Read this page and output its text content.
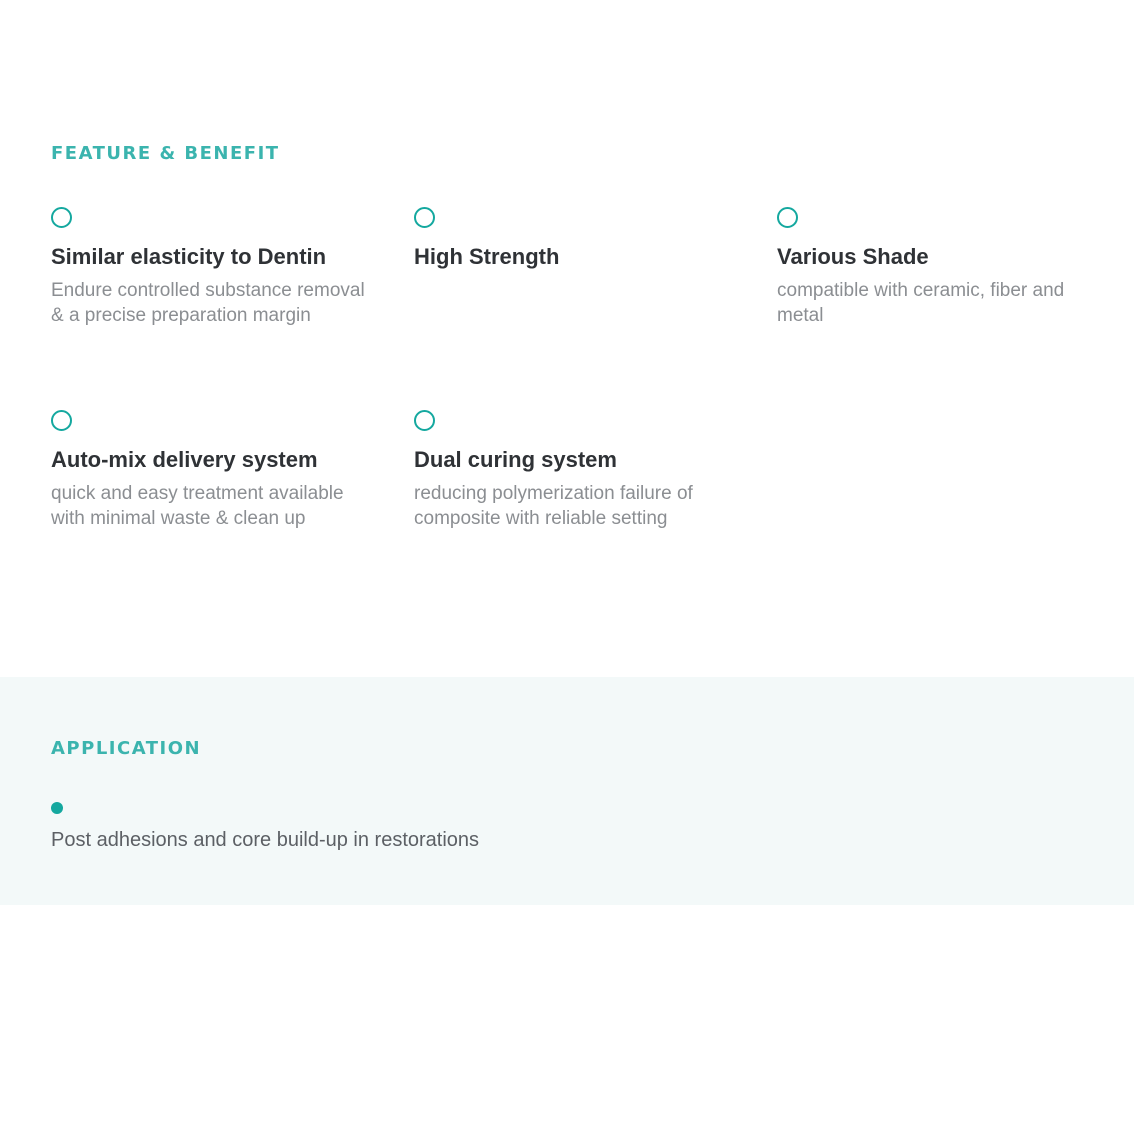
FEATURE & BENEFIT
Similar elasticity to Dentin

Endure controlled substance removal & a precise preparation margin

High Strength	Various Shade

compatible with ceramic, fiber and metal

Auto-mix delivery system

quick and easy treatment available with minimal waste & clean up

Dual curing system

reducing polymerization failure of composite with reliable setting

APPLICATION

Post adhesions and core build-up in restorations
